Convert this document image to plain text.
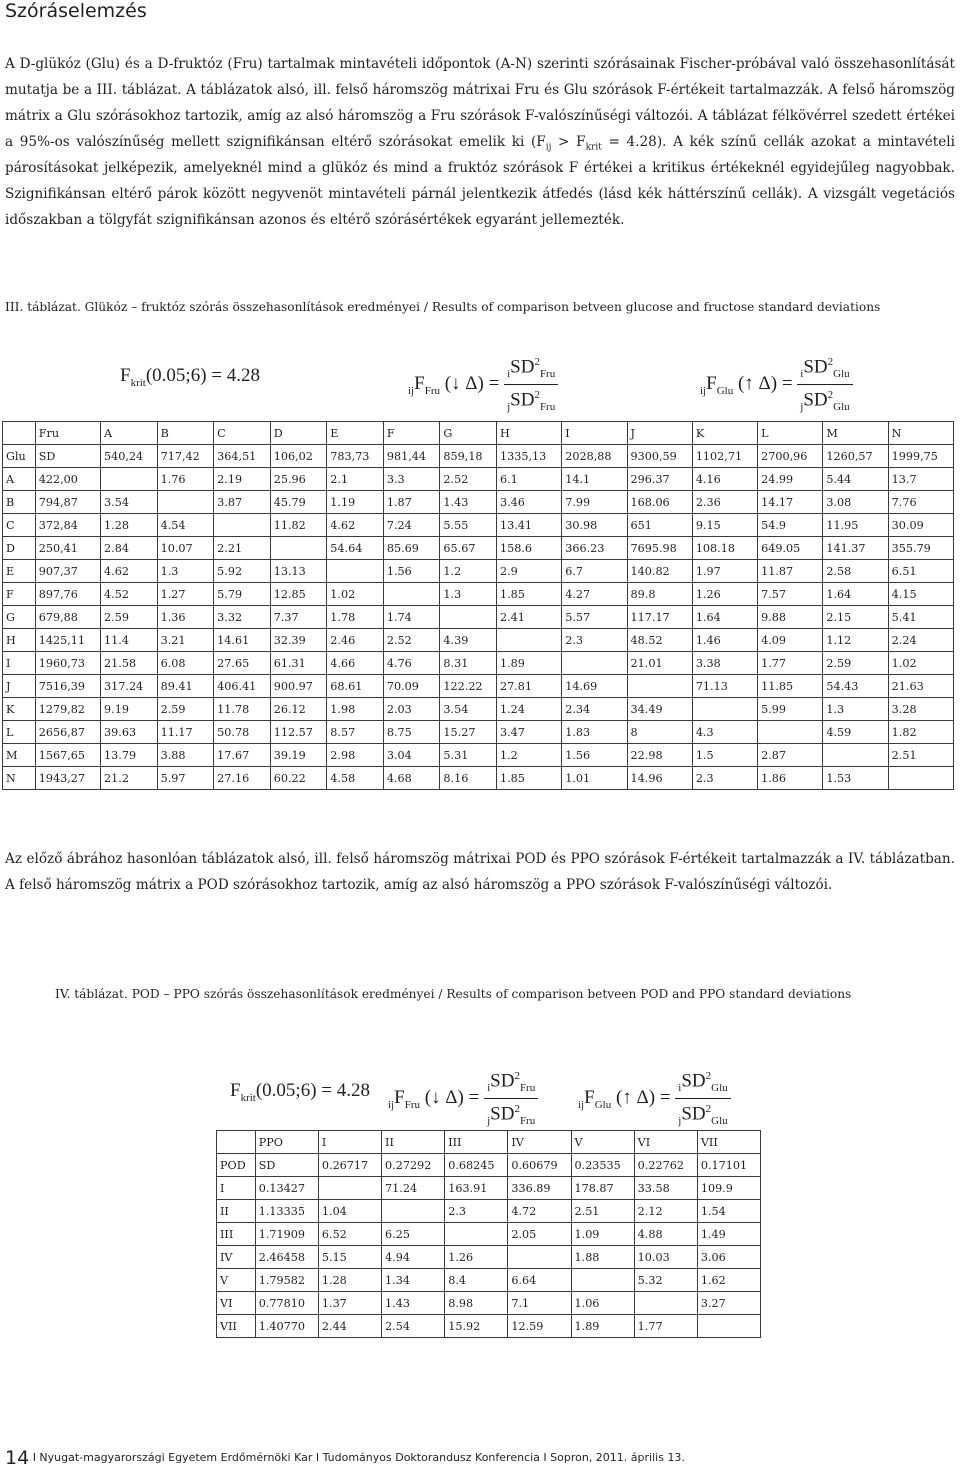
Szóráselemzés
A D-glükóz (Glu) és a D-fruktóz (Fru) tartalmak mintavételi időpontok (A-N) szerinti szórásainak Fischer-próbával való összehasonlítását mutatja be a III. táblázat. A táblázatok alsó, ill. felső háromszög mátrixai Fru és Glu szórások F-értékeit tartalmazzák. A felső háromszög mátrix a Glu szórásokhoz tartozik, amíg az alsó háromszög a Fru szórások F-valószínűségi változói. A táblázat félkövérrel szedett értékei a 95%-os valószínűség mellett szignifikánsan eltérő szórásokat emelik ki $(F_{ij} > F_{krit} = 4.28)$. A kék színű cellák azokat a mintavételi párosításokat jelképezik, amelyeknél mind a glükóz és mind a fruktóz szórások F értékei a kritikus értékeknél egyidejűleg nagyobbak. Szignifikánsan eltérő párok között negyvenöt mintavételi párnál jelentkezik átfedés (lásd kék háttérszínű cellák). A vizsgált vegetációs időszakban a tölgyfát szignifikánsan azonos és eltérő szórásértékek egyaránt jellemezték.
III. táblázat. Glükóz – fruktóz szórás összehasonlítások eredményei / Results of comparison betveen glucose and fructose standard deviations
$F_{krit}(0.05;6) = 4.28$
$_{ij}F_{Fru}$ (↓ $\Delta) = \frac{_iSD^2_{Fru}}{_jSD^2_{Fru}}$	$_{ij}F_{Glu}$ (↑ $\Delta) = \frac{_iSD^2_{Glu}}{_jSD^2_{Glu}}$
	Fru	A	B	C	D	E	F	G	H	I	J	K	L	M	N
Glu	SD	540,24	717,42	364,51	106,02	783,73	981,44	859,18	1335,13	2028,88	9300,59	1102,71	2700,96	1260,57	1999,75
A	422,00		1.76	2.19	25.96	2.1	3.3	2.52	6.1	14.1	296.37	4.16	24.99	5.44	13.7
B	794,87	3.54		3.87	45.79	1.19	1.87	1.43	3.46	7.99	168.06	2.36	14.17	3.08	7.76
C	372,84	1.28	4.54		11.82	4.62	7.24	5.55	13.41	30.98	651	9.15	54.9	11.95	30.09
D	250,41	2.84	10.07	2.21		54.64	85.69	65.67	158.6	366.23	7695.98	108.18	649.05	141.37	355.79
E	907,37	4.62	1.3	5.92	13.13		1.56	1.2	2.9	6.7	140.82	1.97	11.87	2.58	6.51
F	897,76	4.52	1.27	5.79	12.85	1.02		1.3	1.85	4.27	89.8	1.26	7.57	1.64	4.15
G	679,88	2.59	1.36	3.32	7.37	1.78	1.74		2.41	5.57	117.17	1.64	9.88	2.15	5.41
H	1425,11	11.4	3.21	14.61	32.39	2.46	2.52	4.39		2.3	48.52	1.46	4.09	1.12	2.24
I	1960,73	21.58	6.08	27.65	61.31	4.66	4.76	8.31	1.89		21.01	3.38	1.77	2.59	1.02
J	7516,39	317.24	89.41	406.41	900.97	68.61	70.09	122.22	27.81	14.69		71.13	11.85	54.43	21.63
K	1279,82	9.19	2.59	11.78	26.12	1.98	2.03	3.54	1.24	2.34	34.49		5.99	1.3	3.28
L	2656,87	39.63	11.17	50.78	112.57	8.57	8.75	15.27	3.47	1.83	8	4.3		4.59	1.82
M	1567,65	13.79	3.88	17.67	39.19	2.98	3.04	5.31	1.2	1.56	22.98	1.5	2.87		2.51
N	1943,27	21.2	5.97	27.16	60.22	4.58	4.68	8.16	1.85	1.01	14.96	2.3	1.86	1.53	
Az előző ábrához hasonlóan táblázatok alsó, ill. felső háromszög mátrixai POD és PPO szórások F-értékeit tartalmazzák a IV. táblázatban. A felső háromszög mátrix a POD szórásokhoz tartozik, amíg az alsó háromszög a PPO szórások F-valószínűségi változói.
IV. táblázat. POD – PPO szórás összehasonlítások eredményei / Results of comparison betveen POD and PPO standard deviations
$F_{krit}(0.05;6) = 4.28$
$_{ij}F_{Fru}$ (↓ $\Delta) = \frac{_iSD^2_{Fru}}{_jSD^2_{Fru}}$	$_{ij}F_{Glu}$ (↑ $\Delta) = \frac{_iSD^2_{Glu}}{_jSD^2_{Glu}}$
	PPO	I	II	III	IV	V	VI	VII
POD	SD	0.26717	0.27292	0.68245	0.60679	0.23535	0.22762	0.17101
I	0.13427		71.24	163.91	336.89	178.87	33.58	109.9
II	1.13335	1.04		2.3	4.72	2.51	2.12	1.54
III	1.71909	6.52	6.25		2.05	1.09	4.88	1.49
IV	2.46458	5.15	4.94	1.26		1.88	10.03	3.06
V	1.79582	1.28	1.34	8.4	6.64		5.32	1.62
VI	0.77810	1.37	1.43	8.98	7.1	1.06		3.27
VII	1.40770	2.44	2.54	15.92	12.59	1.89	1.77	
14 I Nyugat-magyarországi Egyetem Erdőmérnöki Kar I Tudományos Doktorandusz Konferencia I Sopron, 2011. április 13.
